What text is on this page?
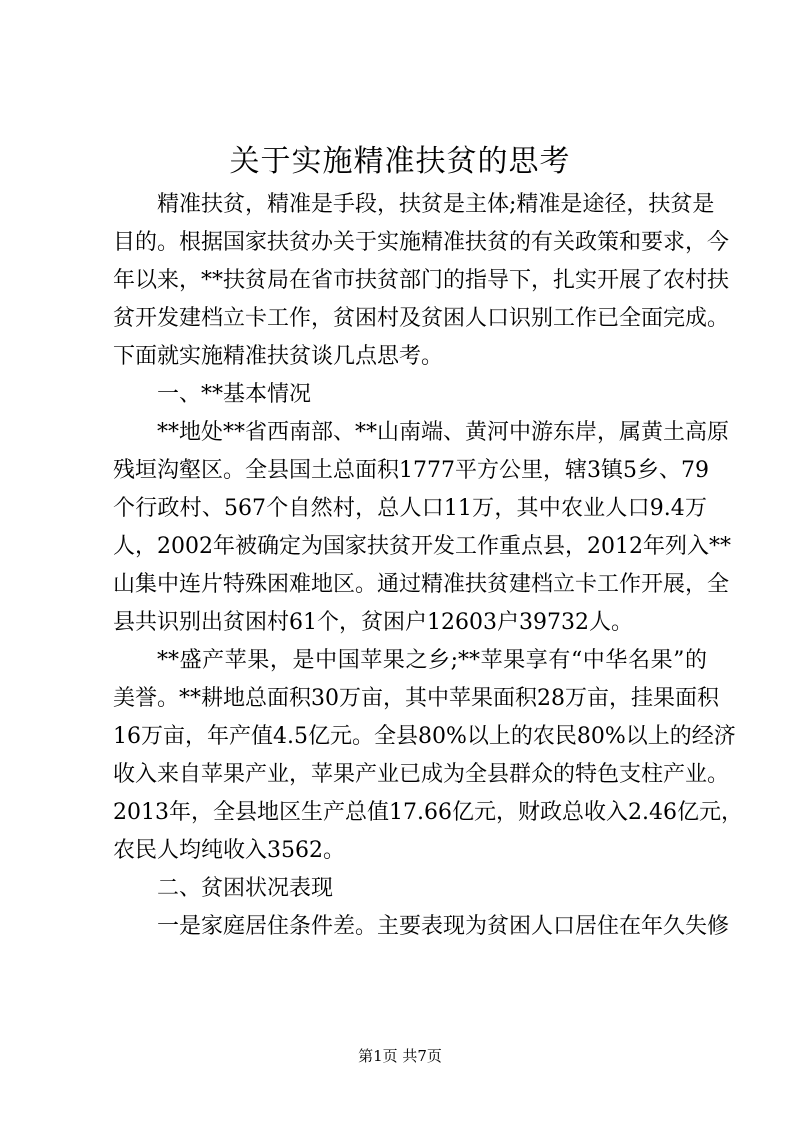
关于实施精准扶贫的思考
精准扶贫，精准是手段，扶贫是主体;精准是途径，扶贫是
目的。根据国家扶贫办关于实施精准扶贫的有关政策和要求，今
年以来，**扶贫局在省市扶贫部门的指导下，扎实开展了农村扶
贫开发建档立卡工作，贫困村及贫困人口识别工作已全面完成。
下面就实施精准扶贫谈几点思考。
一、**基本情况
**地处**省西南部、**山南端、黄河中游东岸，属黄土高原
残垣沟壑区。全县国土总面积1777平方公里，辖3镇5乡、79
个行政村、567个自然村，总人口11万，其中农业人口9.4万
人，2002年被确定为国家扶贫开发工作重点县，2012年列入**
山集中连片特殊困难地区。通过精准扶贫建档立卡工作开展，全
县共识别出贫困村61个，贫困户12603户39732人。
**盛产苹果，是中国苹果之乡;**苹果享有“中华名果”的
美誉。**耕地总面积30万亩，其中苹果面积28万亩，挂果面积
16万亩，年产值4.5亿元。全县80%以上的农民80%以上的经济
收入来自苹果产业，苹果产业已成为全县群众的特色支柱产业。
2013年，全县地区生产总值17.66亿元，财政总收入2.46亿元，
农民人均纯收入3562。
二、贫困状况表现
一是家庭居住条件差。主要表现为贫困人口居住在年久失修
第1页 共7页
